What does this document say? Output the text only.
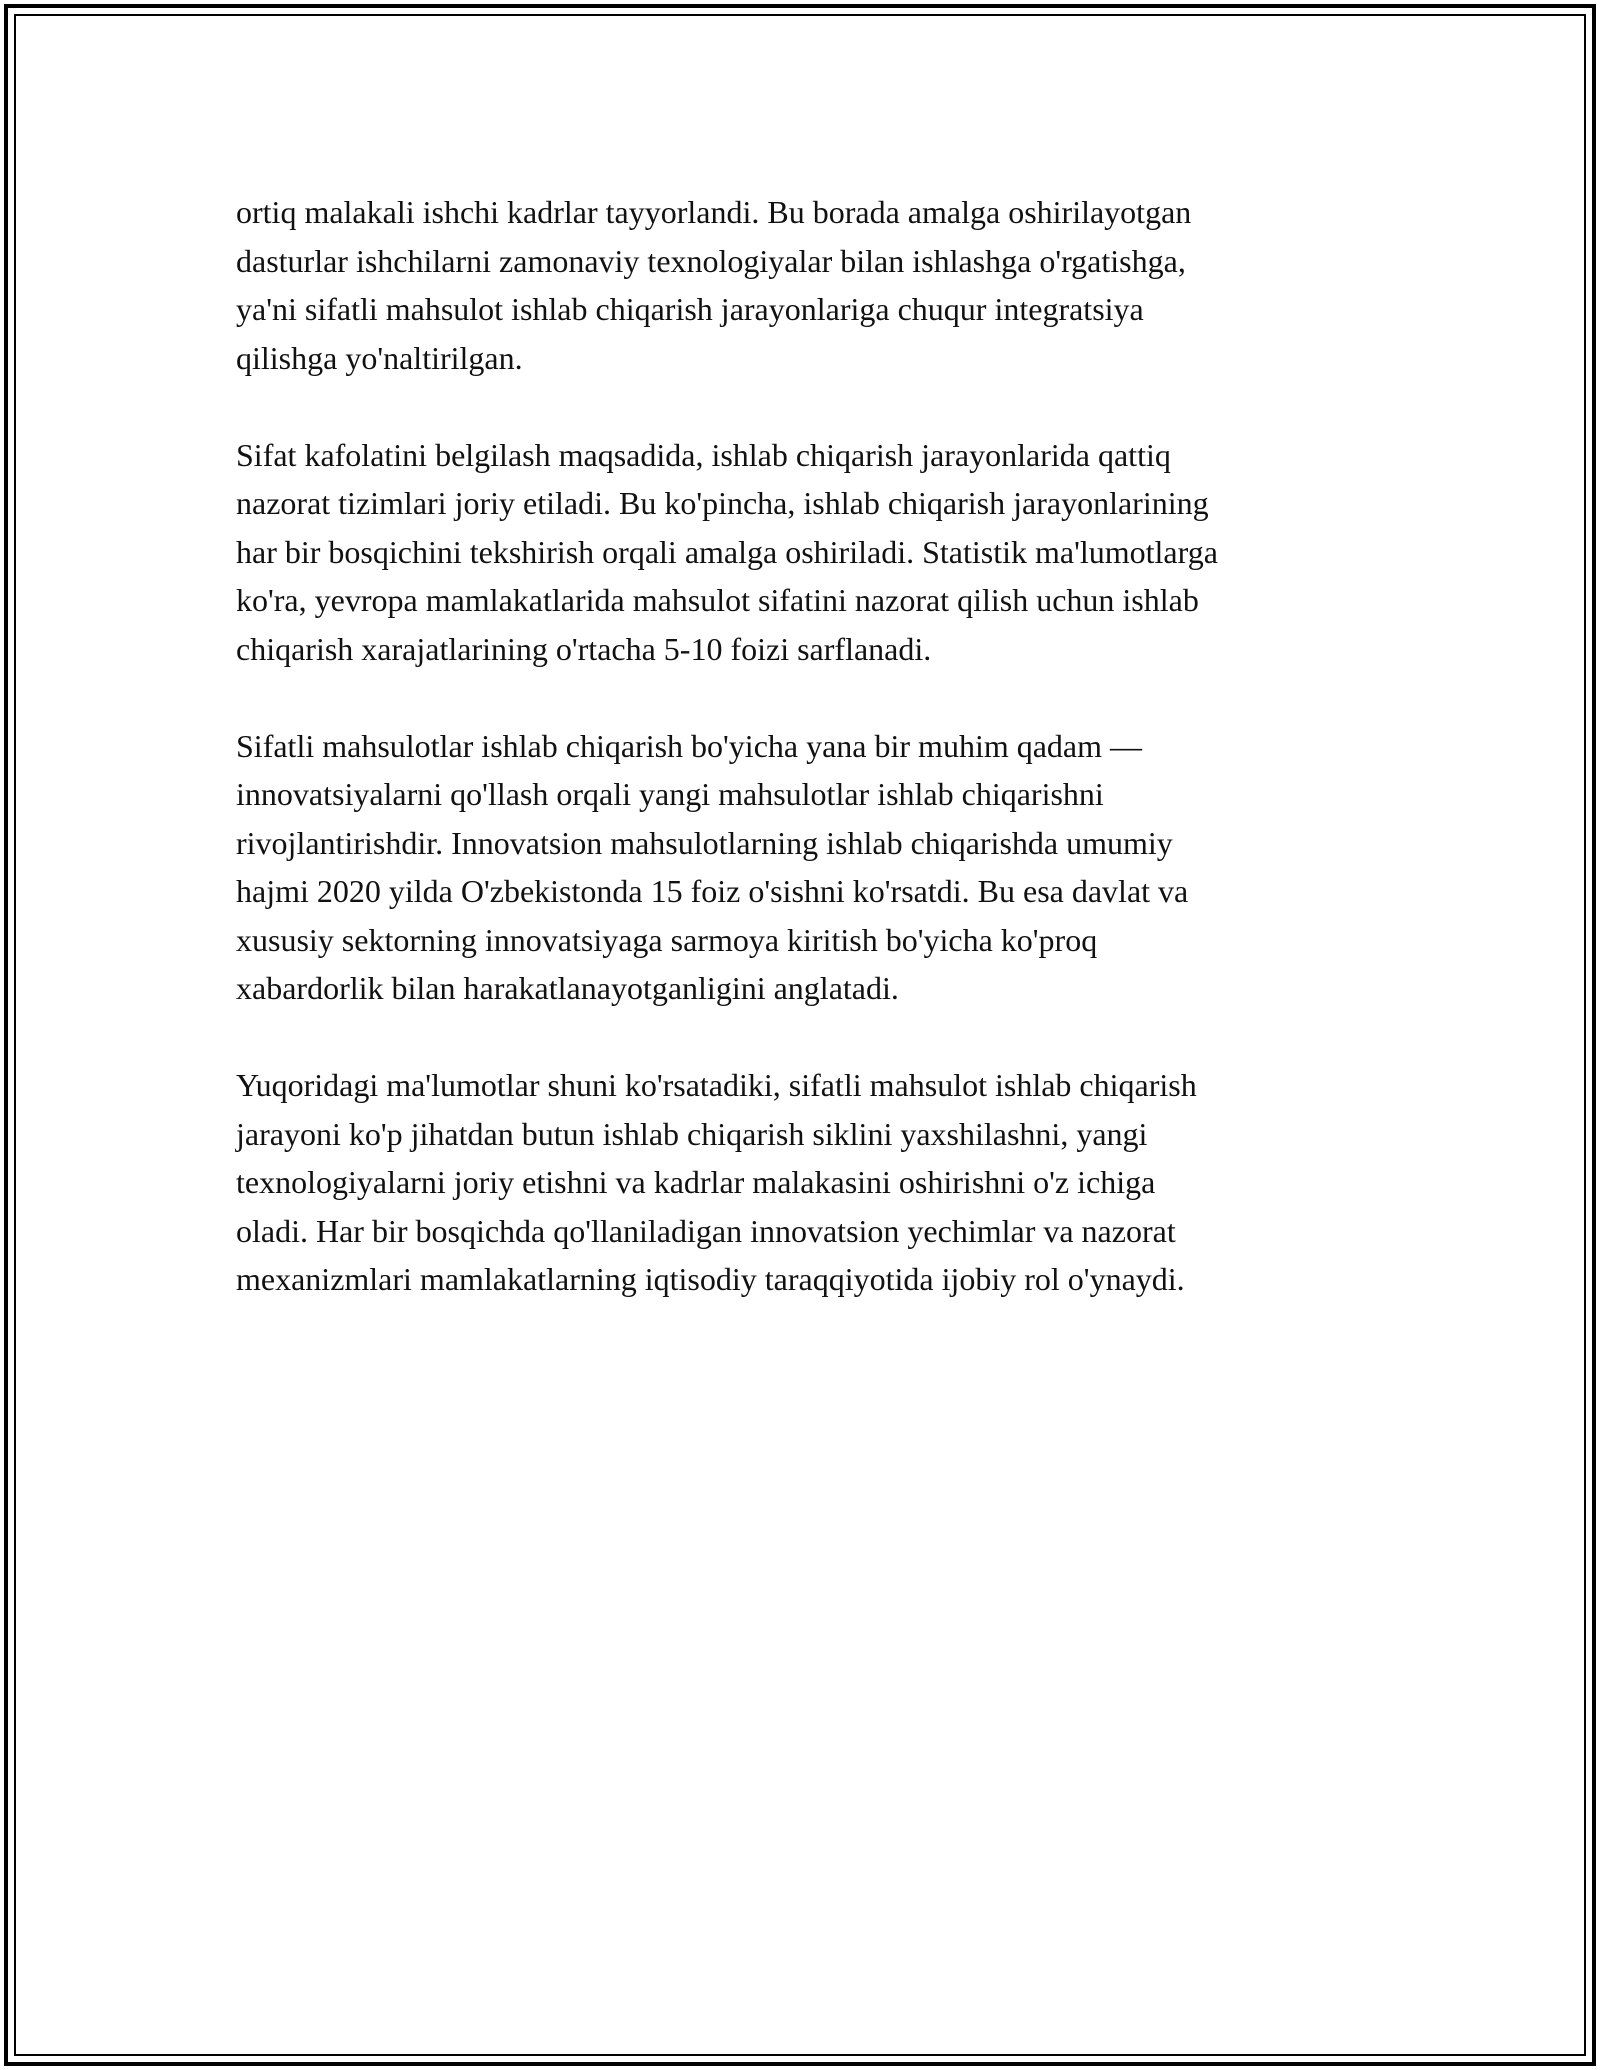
ortiq malakali ishchi kadrlar tayyorlandi. Bu borada amalga oshirilayotgan
dasturlar ishchilarni zamonaviy texnologiyalar bilan ishlashga o'rgatishga,
ya'ni sifatli mahsulot ishlab chiqarish jarayonlariga chuqur integratsiya
qilishga yo'naltirilgan.

Sifat kafolatini belgilash maqsadida, ishlab chiqarish jarayonlarida qattiq
nazorat tizimlari joriy etiladi. Bu ko'pincha, ishlab chiqarish jarayonlarining
har bir bosqichini tekshirish orqali amalga oshiriladi. Statistik ma'lumotlarga
ko'ra, yevropa mamlakatlarida mahsulot sifatini nazorat qilish uchun ishlab
chiqarish xarajatlarining o'rtacha 5-10 foizi sarflanadi.

Sifatli mahsulotlar ishlab chiqarish bo'yicha yana bir muhim qadam —
innovatsiyalarni qo'llash orqali yangi mahsulotlar ishlab chiqarishni
rivojlantirishdir. Innovatsion mahsulotlarning ishlab chiqarishda umumiy
hajmi 2020 yilda O'zbekistonda 15 foiz o'sishni ko'rsatdi. Bu esa davlat va
xususiy sektorning innovatsiyaga sarmoya kiritish bo'yicha ko'proq
xabardorlik bilan harakatlanayotganligini anglatadi.

Yuqoridagi ma'lumotlar shuni ko'rsatadiki, sifatli mahsulot ishlab chiqarish
jarayoni ko'p jihatdan butun ishlab chiqarish siklini yaxshilashni, yangi
texnologiyalarni joriy etishni va kadrlar malakasini oshirishni o'z ichiga
oladi. Har bir bosqichda qo'llaniladigan innovatsion yechimlar va nazorat
mexanizmlari mamlakatlarning iqtisodiy taraqqiyotida ijobiy rol o'ynaydi.
